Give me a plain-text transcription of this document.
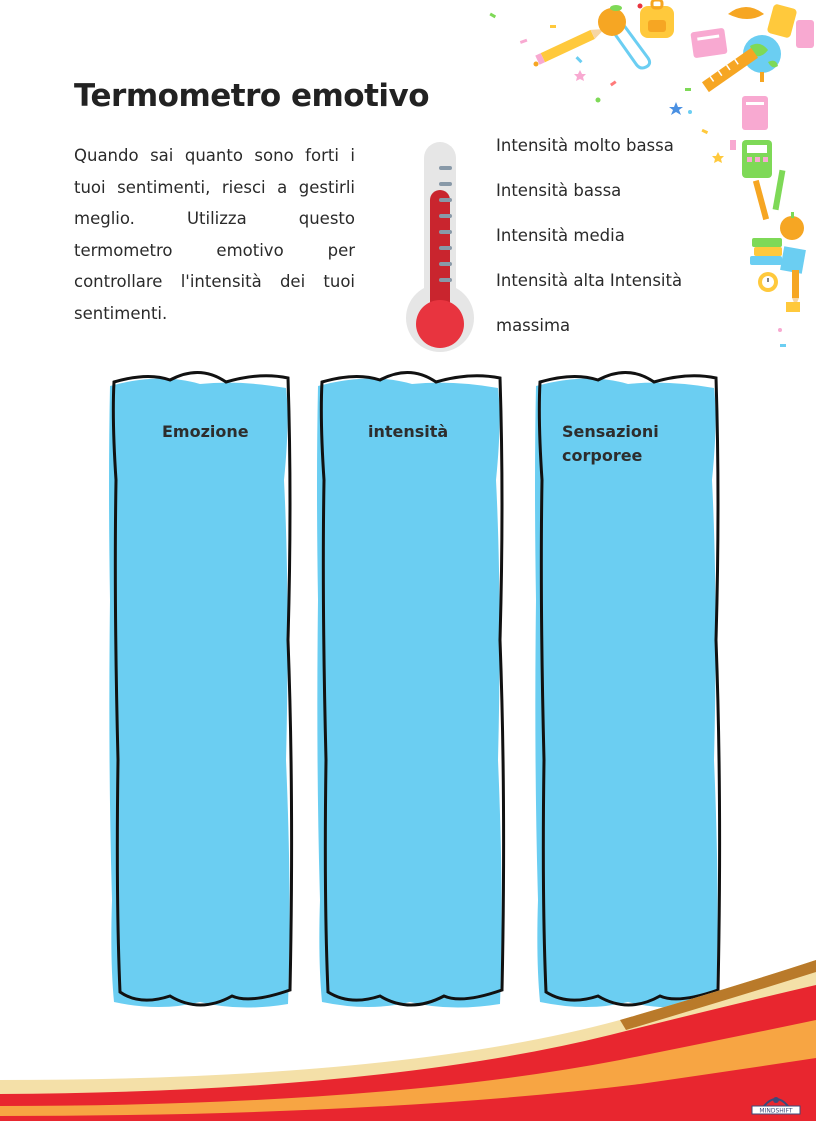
Termometro emotivo

Quando sai quanto sono forti i tuoi sentimenti, riesci a gestirli meglio. Utilizza questo termometro emotivo per controllare l'intensità dei tuoi sentimenti.

Intensità molto bassa
Intensità bassa
Intensità media
Intensità alta Intensità
massima
Emozione	intensità	Sensazioni corporee
MINDSHIFT
